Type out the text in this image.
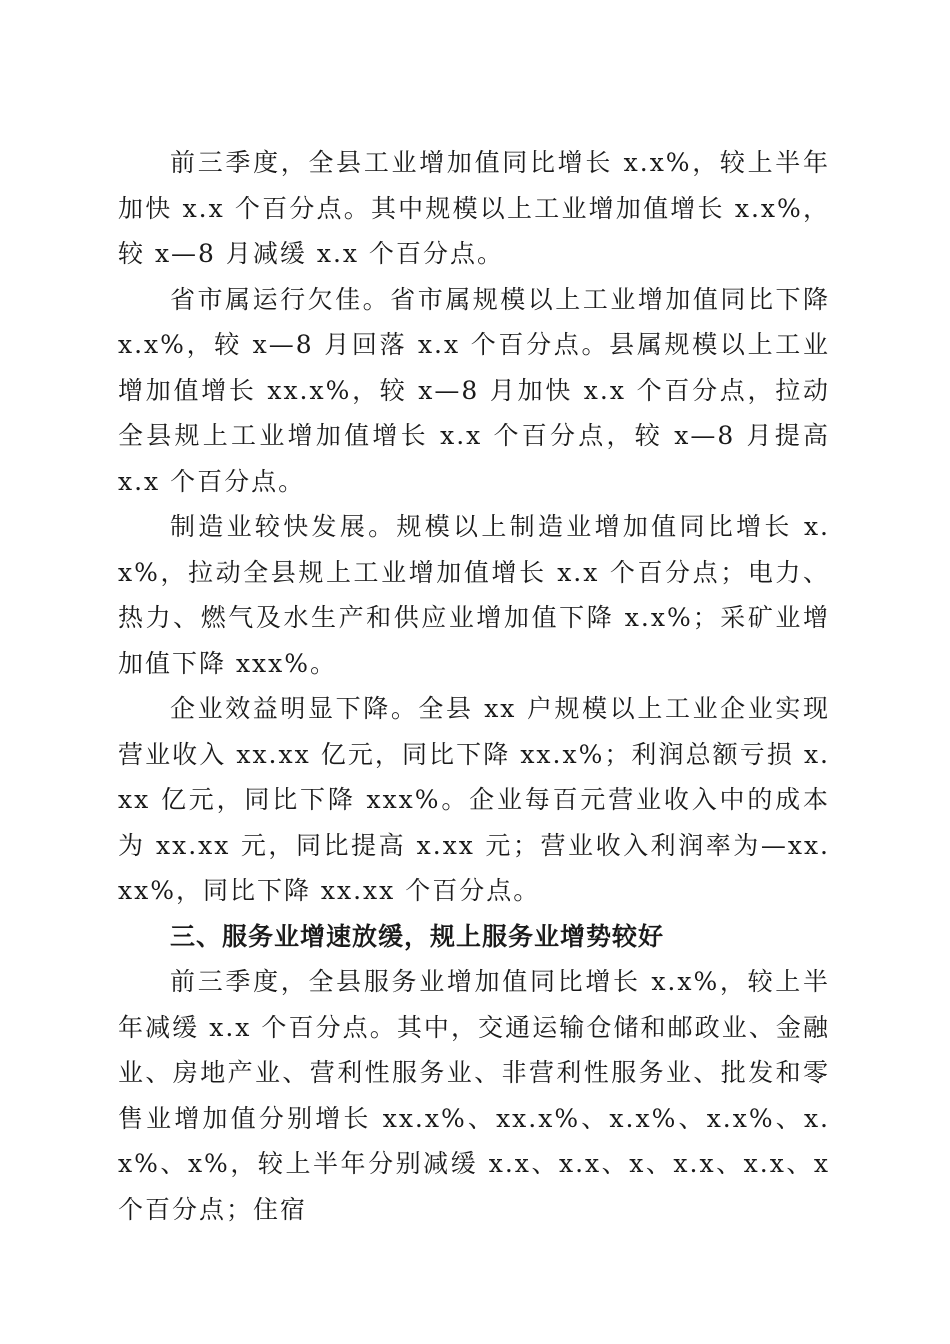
前三季度，全县工业增加值同比增长 x.x%，较上半年加快 x.x 个百分点。其中规模以上工业增加值增长 x.x%，较 x—8 月减缓 x.x 个百分点。

省市属运行欠佳。省市属规模以上工业增加值同比下降 x.x%，较 x—8 月回落 x.x 个百分点。县属规模以上工业增加值增长 xx.x%，较 x—8 月加快 x.x 个百分点，拉动全县规上工业增加值增长 x.x 个百分点，较 x—8 月提高 x.x 个百分点。

制造业较快发展。规模以上制造业增加值同比增长 x.x%，拉动全县规上工业增加值增长 x.x 个百分点；电力、热力、燃气及水生产和供应业增加值下降 x.x%；采矿业增加值下降 xxx%。

企业效益明显下降。全县 xx 户规模以上工业企业实现营业收入 xx.xx 亿元，同比下降 xx.x%；利润总额亏损 x.xx 亿元，同比下降 xxx%。企业每百元营业收入中的成本为 xx.xx 元，同比提高 x.xx 元；营业收入利润率为—xx.xx%，同比下降 xx.xx 个百分点。

三、服务业增速放缓，规上服务业增势较好

前三季度，全县服务业增加值同比增长 x.x%，较上半年减缓 x.x 个百分点。其中，交通运输仓储和邮政业、金融业、房地产业、营利性服务业、非营利性服务业、批发和零售业增加值分别增长 xx.x%、xx.x%、x.x%、x.x%、x.x%、x%，较上半年分别减缓 x.x、x.x、x、x.x、x.x、x 个百分点；住宿
